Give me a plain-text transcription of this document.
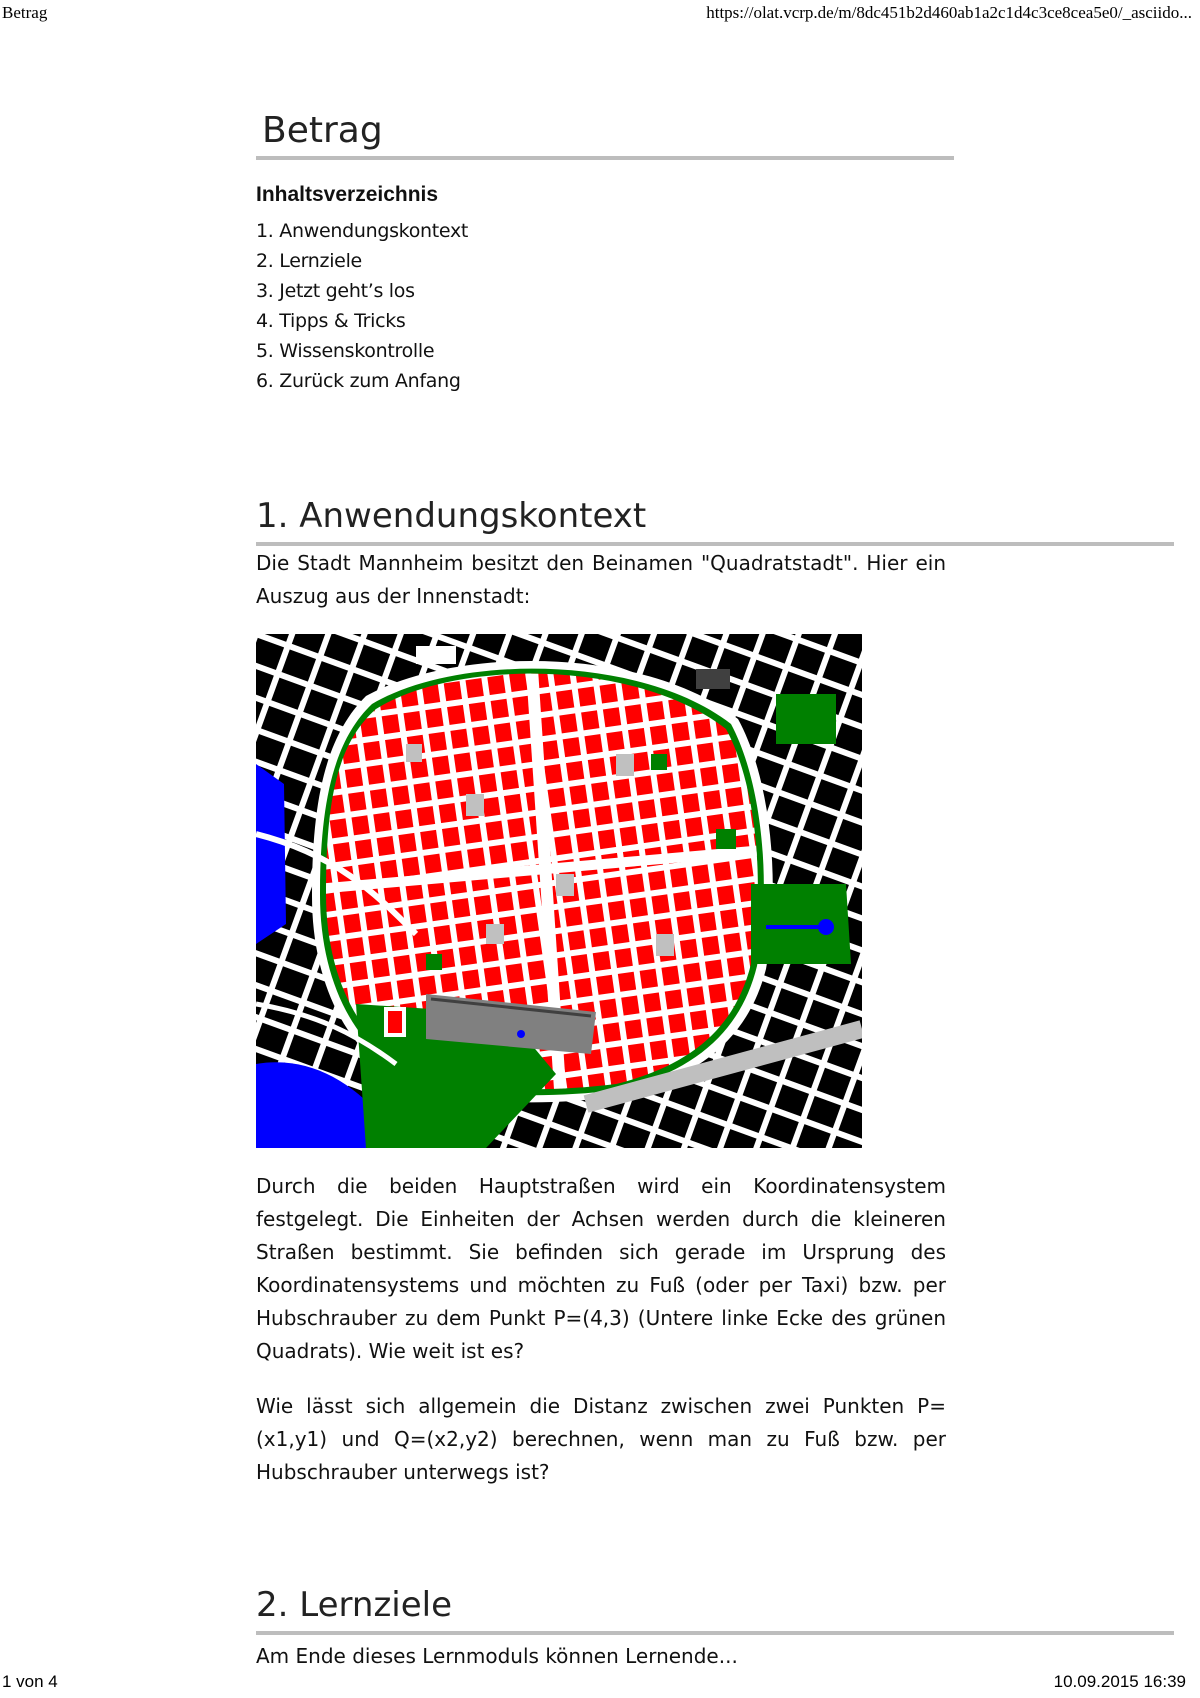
Betrag	https://olat.vcrp.de/m/8dc451b2d460ab1a2c1d4c3ce8cea5e0/_asciido...
Betrag
Inhaltsverzeichnis
1. Anwendungskontext
2. Lernziele
3. Jetzt geht’s los
4. Tipps & Tricks
5. Wissenskontrolle
6. Zurück zum Anfang
1. Anwendungskontext

Die Stadt Mannheim besitzt den Beinamen "Quadratstadt". Hier ein Auszug aus der Innenstadt:

Durch die beiden Hauptstraßen wird ein Koordinatensystem festgelegt. Die Einheiten der Achsen werden durch die kleineren Straßen bestimmt. Sie befinden sich gerade im Ursprung des Koordinatensystems und möchten zu Fuß (oder per Taxi) bzw. per Hubschrauber zu dem Punkt P=(4,3) (Untere linke Ecke des grünen Quadrats). Wie weit ist es?

Wie lässt sich allgemein die Distanz zwischen zwei Punkten P=(x1,y1) und Q=(x2,y2) berechnen, wenn man zu Fuß bzw. per Hubschrauber unterwegs ist?

2. Lernziele

Am Ende dieses Lernmoduls können Lernende...

1 von 4	10.09.2015 16:39
